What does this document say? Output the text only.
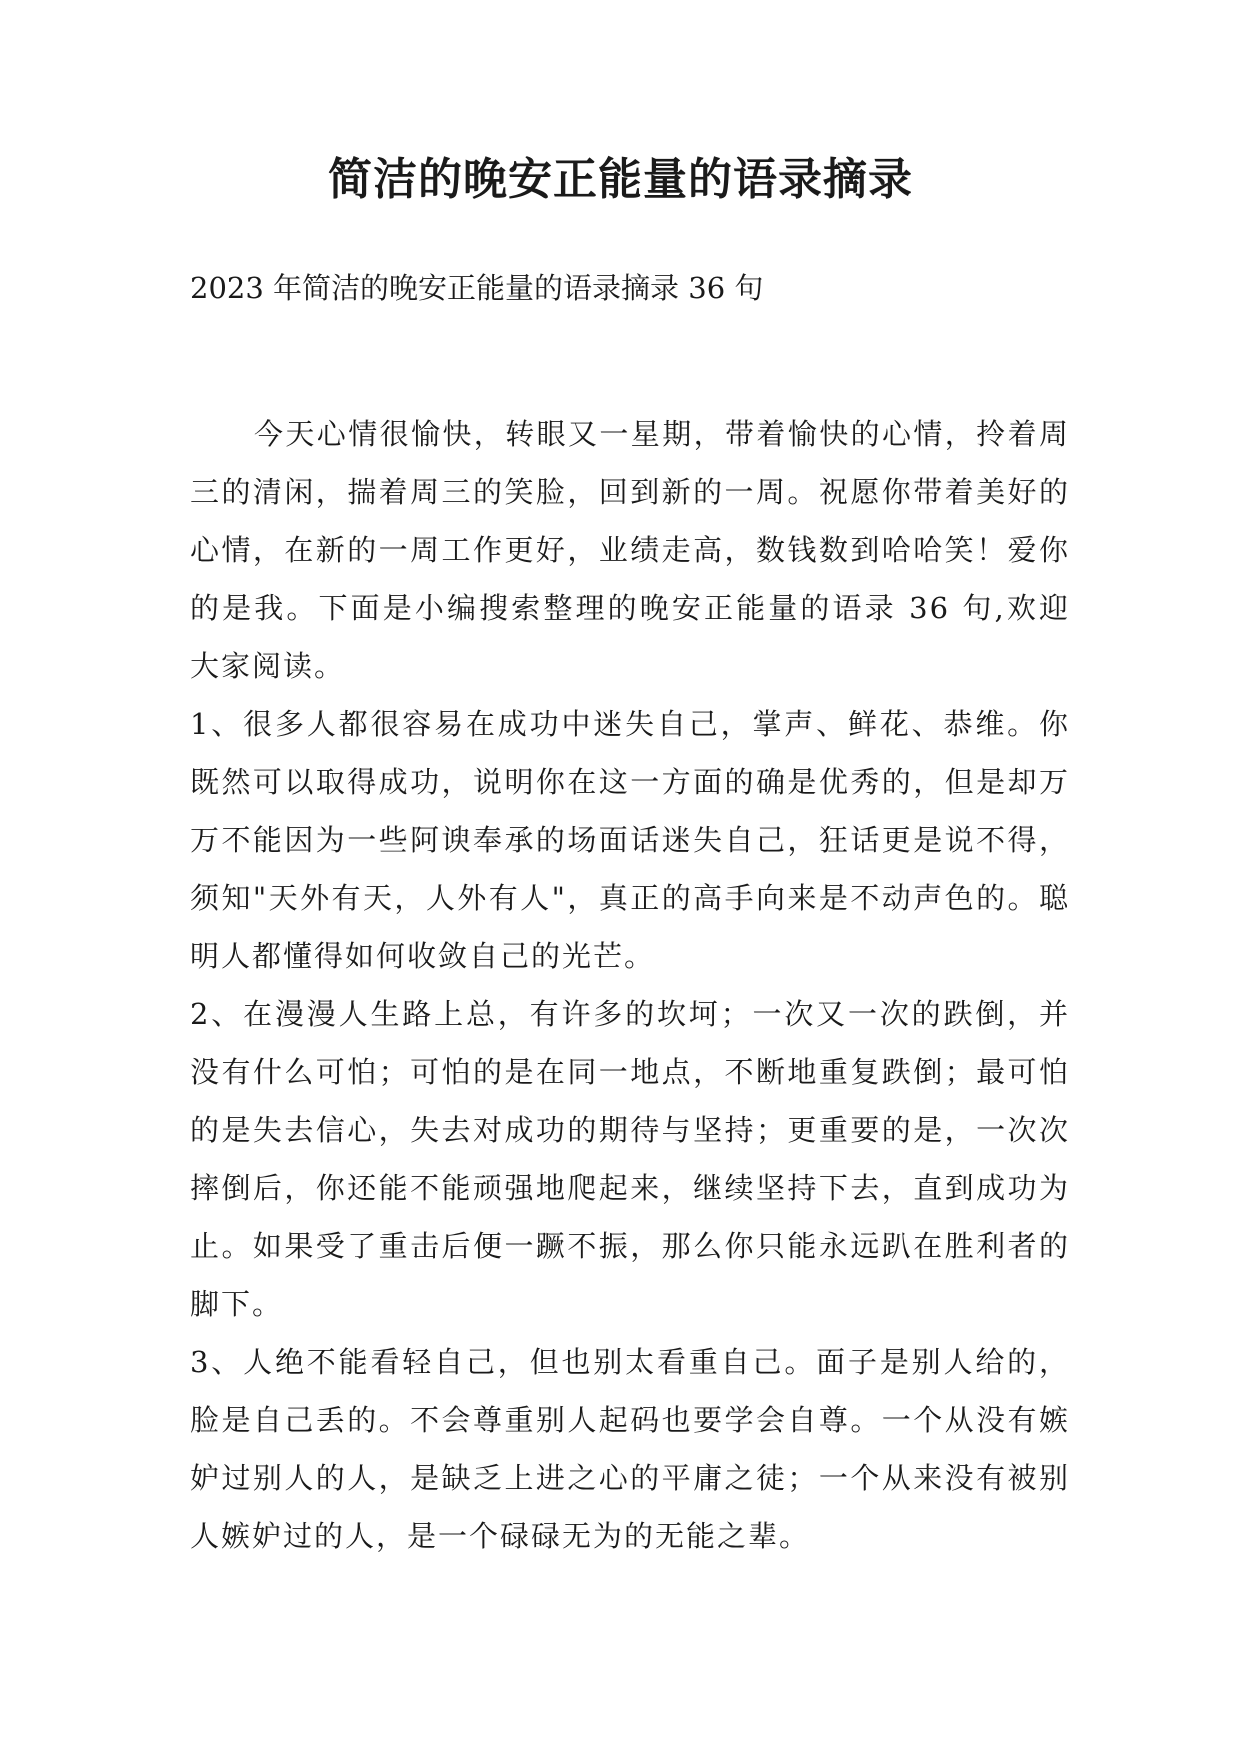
简洁的晚安正能量的语录摘录

2023 年简洁的晚安正能量的语录摘录 36 句

今天心情很愉快，转眼又一星期，带着愉快的心情，拎着周三的清闲，揣着周三的笑脸，回到新的一周。祝愿你带着美好的心情，在新的一周工作更好，业绩走高，数钱数到哈哈笑！爱你的是我。下面是小编搜索整理的晚安正能量的语录 36 句,欢迎大家阅读。

1、很多人都很容易在成功中迷失自己，掌声、鲜花、恭维。你既然可以取得成功，说明你在这一方面的确是优秀的，但是却万万不能因为一些阿谀奉承的场面话迷失自己，狂话更是说不得，须知"天外有天，人外有人"，真正的高手向来是不动声色的。聪明人都懂得如何收敛自己的光芒。

2、在漫漫人生路上总，有许多的坎坷；一次又一次的跌倒，并没有什么可怕；可怕的是在同一地点，不断地重复跌倒；最可怕的是失去信心，失去对成功的期待与坚持；更重要的是，一次次摔倒后，你还能不能顽强地爬起来，继续坚持下去，直到成功为止。如果受了重击后便一蹶不振，那么你只能永远趴在胜利者的脚下。

3、人绝不能看轻自己，但也别太看重自己。面子是别人给的，脸是自己丢的。不会尊重别人起码也要学会自尊。一个从没有嫉妒过别人的人，是缺乏上进之心的平庸之徒；一个从来没有被别人嫉妒过的人，是一个碌碌无为的无能之辈。
